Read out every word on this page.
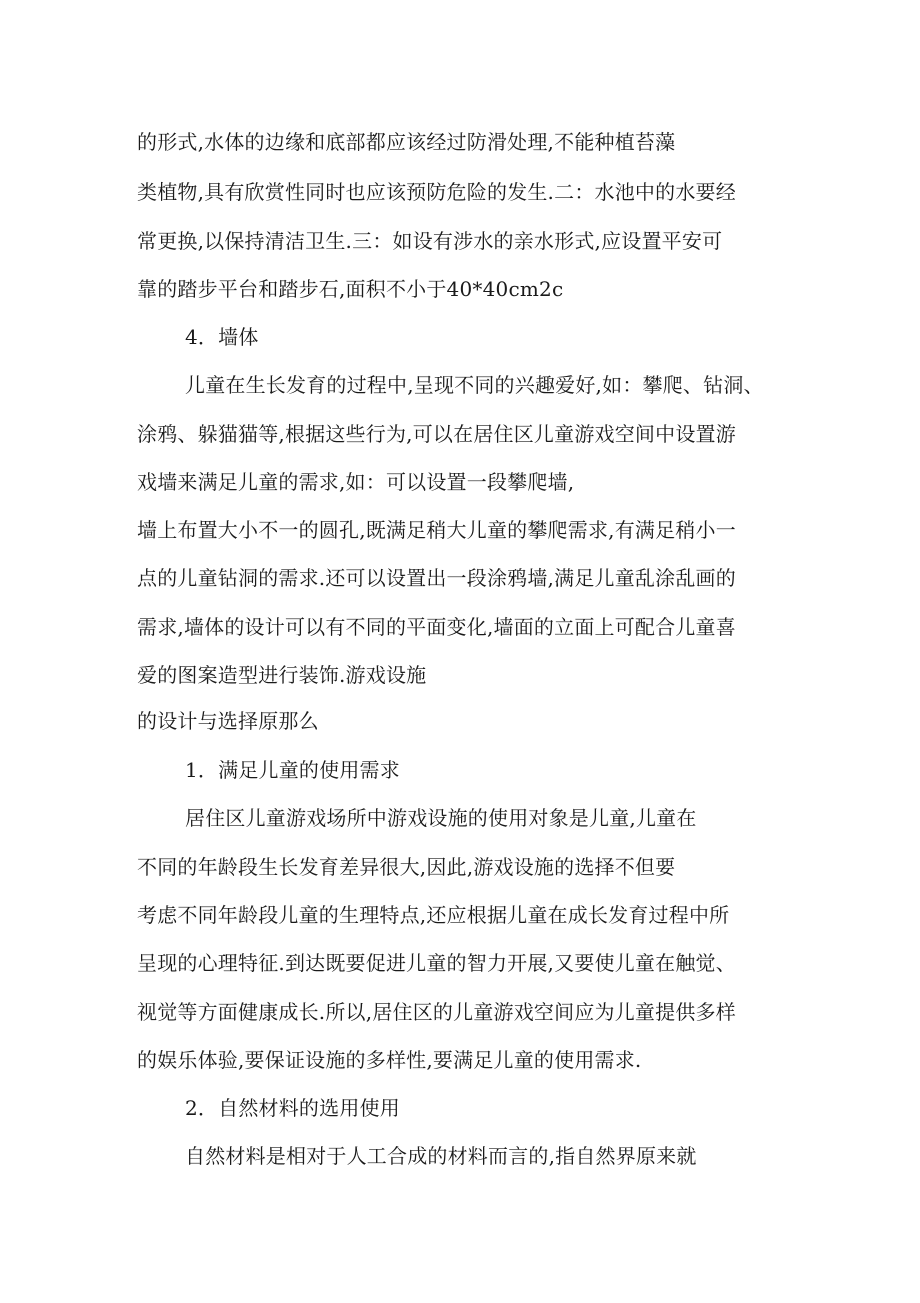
的形式,水体的边缘和底部都应该经过防滑处理,不能种植苔藻
类植物,具有欣赏性同时也应该预防危险的发生.二：水池中的水要经
常更换,以保持清洁卫生.三：如设有涉水的亲水形式,应设置平安可
靠的踏步平台和踏步石,面积不小于40*40cm2c
4．墙体
儿童在生长发育的过程中,呈现不同的兴趣爱好,如：攀爬、钻洞、
涂鸦、躲猫猫等,根据这些行为,可以在居住区儿童游戏空间中设置游
戏墙来满足儿童的需求,如：可以设置一段攀爬墙,
墙上布置大小不一的圆孔,既满足稍大儿童的攀爬需求,有满足稍小一
点的儿童钻洞的需求.还可以设置出一段涂鸦墙,满足儿童乱涂乱画的
需求,墙体的设计可以有不同的平面变化,墙面的立面上可配合儿童喜
爱的图案造型进行装饰.游戏设施
的设计与选择原那么
1．满足儿童的使用需求
居住区儿童游戏场所中游戏设施的使用对象是儿童,儿童在
不同的年龄段生长发育差异很大,因此,游戏设施的选择不但要
考虑不同年龄段儿童的生理特点,还应根据儿童在成长发育过程中所
呈现的心理特征.到达既要促进儿童的智力开展,又要使儿童在触觉、
视觉等方面健康成长.所以,居住区的儿童游戏空间应为儿童提供多样
的娱乐体验,要保证设施的多样性,要满足儿童的使用需求.
2．自然材料的选用使用
自然材料是相对于人工合成的材料而言的,指自然界原来就
